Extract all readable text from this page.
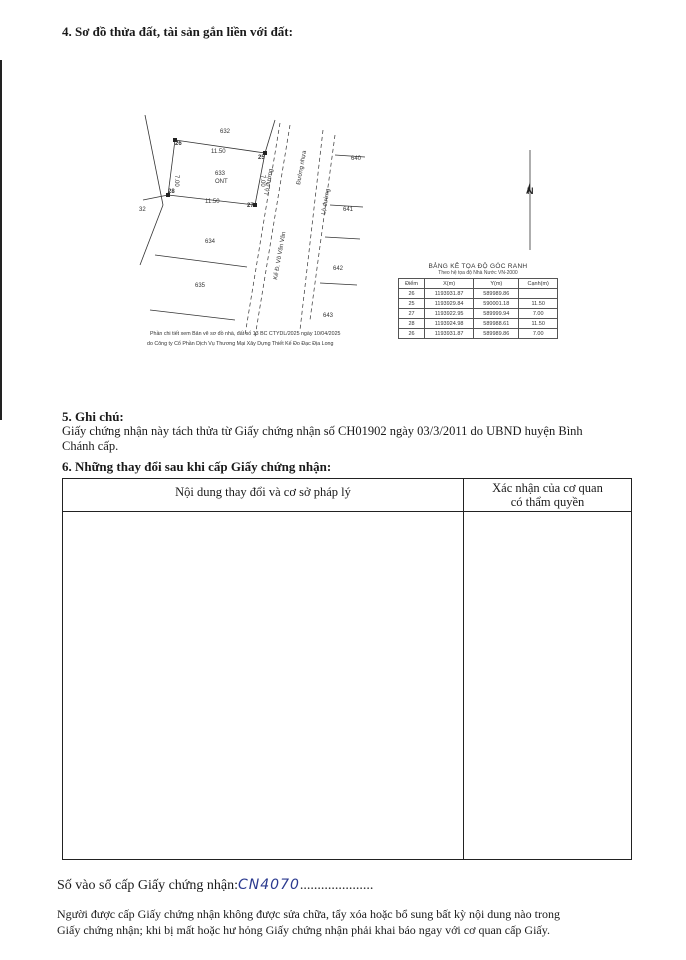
4. Sơ đồ thửa đất, tài sản gắn liền với đất:
632
633
ONT
634
635
640
641
642
643
32
26
25
28
27
11.50
11.50
7.00	7.00 Lộ đường	Đường nhựa
Kế Đ. Võ Văn Vân
Lộ đường
Phần chi tiết xem Bản vẽ sơ đồ nhà, đất số 13 BC CTYDL/2025 ngày 10/04/2025
do Công ty Cổ Phần Dịch Vụ Thương Mại Xây Dựng Thiết Kế Đo Đạc Địa Long
N
BẢNG KÊ TỌA ĐỘ GÓC RANH
Theo hệ tọa độ Nhà Nước VN-2000
Điểm	X(m)	Y(m)	Cạnh(m)
26	1193931.87	589989.86	
25	1193929.84	590001.18	11.50
27	1193922.95	589999.94	7.00
28	1193924.98	589988.61	11.50
26	1193931.87	589989.86	7.00
5. Ghi chú:
Giấy chứng nhận này tách thửa từ Giấy chứng nhận số CH01902 ngày 03/3/2011 do UBND huyện Bình
Chánh cấp.
6. Những thay đổi sau khi cấp Giấy chứng nhận:
Nội dung thay đổi và cơ sở pháp lý	Xác nhận của cơ quan
có thẩm quyền
Số vào sổ cấp Giấy chứng nhận:CN4070.....................
Người được cấp Giấy chứng nhận không được sửa chữa, tẩy xóa hoặc bổ sung bất kỳ nội dung nào trong
Giấy chứng nhận; khi bị mất hoặc hư hỏng Giấy chứng nhận phải khai báo ngay với cơ quan cấp Giấy.
